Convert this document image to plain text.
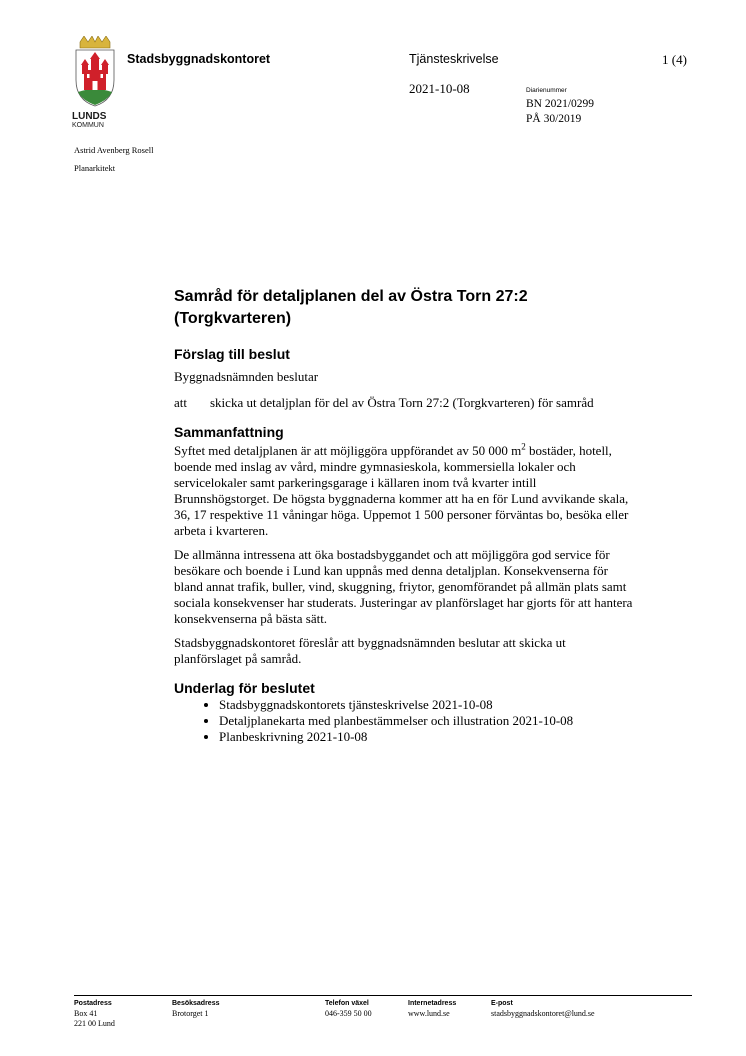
LUNDS
KOMMUN
Stadsbyggnadskontoret	Tjänsteskrivelse	1 (4)
2021-10-08	Diarienummer
BN 2021/0299
PÅ 30/2019
Astrid Avenberg Rosell
Planarkitekt
Samråd för detaljplanen del av Östra Torn 27:2 (Torgkvarteren)
Förslag till beslut

Byggnadsnämnden beslutar

att	skicka ut detaljplan för del av Östra Torn 27:2 (Torgkvarteren) för samråd
Sammanfattning

Syftet med detaljplanen är att möjliggöra uppförandet av 50 000 $m^2$ bostäder, hotell, boende med inslag av vård, mindre gymnasieskola, kommersiella lokaler och servicelokaler samt parkeringsgarage i källaren inom två kvarter intill Brunnshögstorget. De högsta byggnaderna kommer att ha en för Lund avvikande skala, 36, 17 respektive 11 våningar höga. Uppemot 1 500 personer förväntas bo, besöka eller arbeta i kvarteren.

De allmänna intressena att öka bostadsbyggandet och att möjliggöra god service för besökare och boende i Lund kan uppnås med denna detaljplan. Konsekvenserna för bland annat trafik, buller, vind, skuggning, friytor, genomförandet på allmän plats samt sociala konsekvenser har studerats. Justeringar av planförslaget har gjorts för att hantera konsekvenserna på bästa sätt.

Stadsbyggnadskontoret föreslår att byggnadsnämnden beslutar att skicka ut planförslaget på samråd.

Underlag för beslutet
• Stadsbyggnadskontorets tjänsteskrivelse 2021-10-08
• Detaljplanekarta med planbestämmelser och illustration 2021-10-08
• Planbeskrivning 2021-10-08
Postadress
Box 41
221 00 Lund
Besöksadress
Brotorget 1
Telefon växel
046-359 50 00
Internetadress
www.lund.se
E-post
stadsbyggnadskontoret@lund.se
